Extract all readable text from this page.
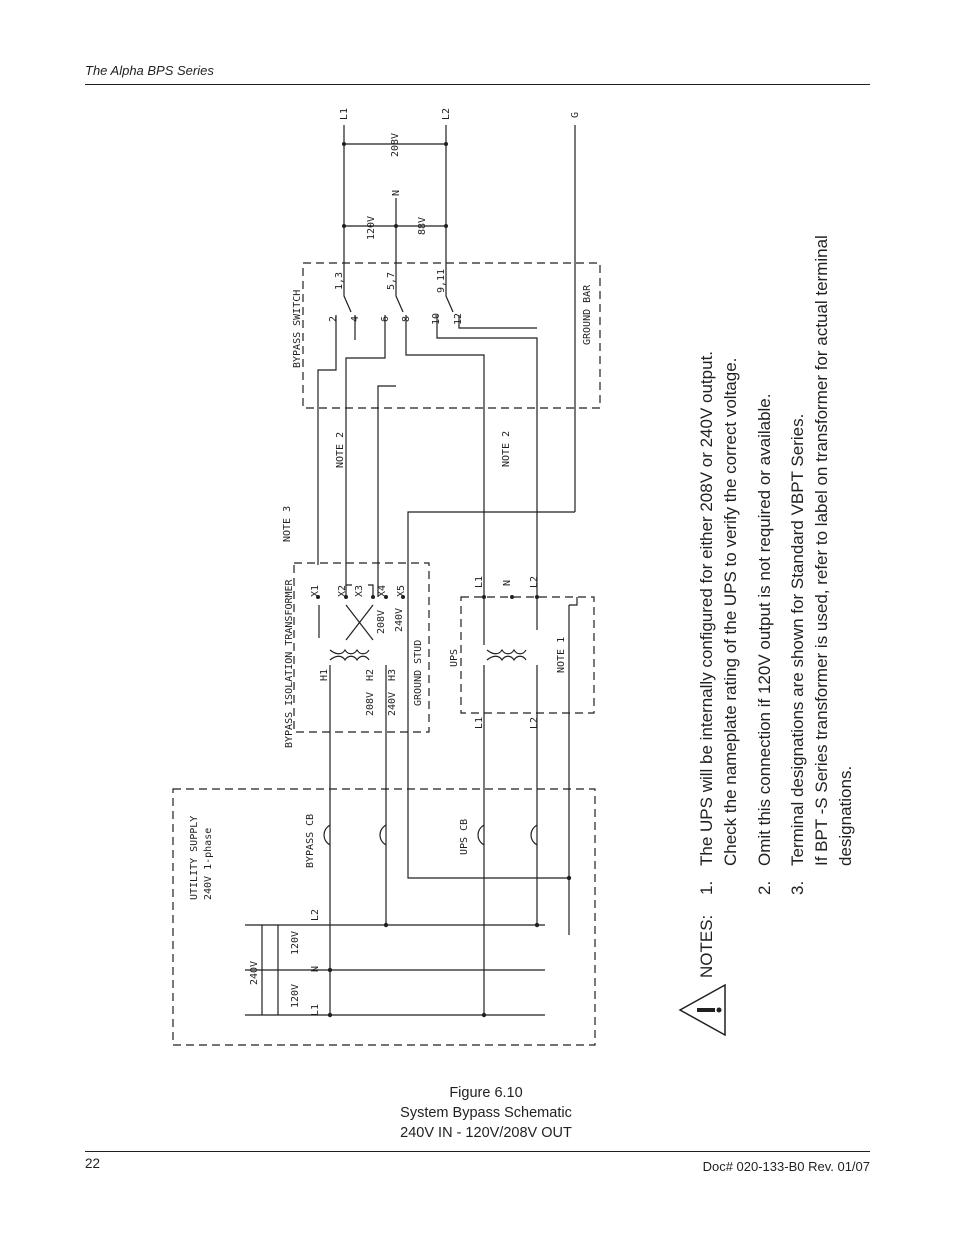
The Alpha BPS Series
L1	L2	G
N
208V
120V	88V
BYPASS SWITCH
1,3	5,7	9,11
2 4 6 8 10 12	GROUND BAR
NOTE 2	NOTE 2
BYPASS ISOLATION TRANSFORMER
NOTE 3
X1 X2 X3 X4 X5
208V 240V
H1	H2 H3
208V 240V GROUND STUD	UPS
L1 N L2
L1	L2
NOTE 1
UTILITY SUPPLY 240V 1-phase	BYPASS CB	UPS CB
L1
N
L2
240V
120V
120V	NOTES:
1.
The UPS will be internally configured for either 208V or 240V output. Check the nameplate rating of the UPS to verify the correct voltage.
2.
Omit this connection if 120V output is not required or available.
3.
Terminal designations are shown for Standard VBPT Series. If BPT -S Series transformer is used, refer to label on transformer for actual terminal designations.
Figure 6.10
System Bypass Schematic
240V IN - 120V/208V OUT
22	Doc# 020-133-B0 Rev. 01/07
